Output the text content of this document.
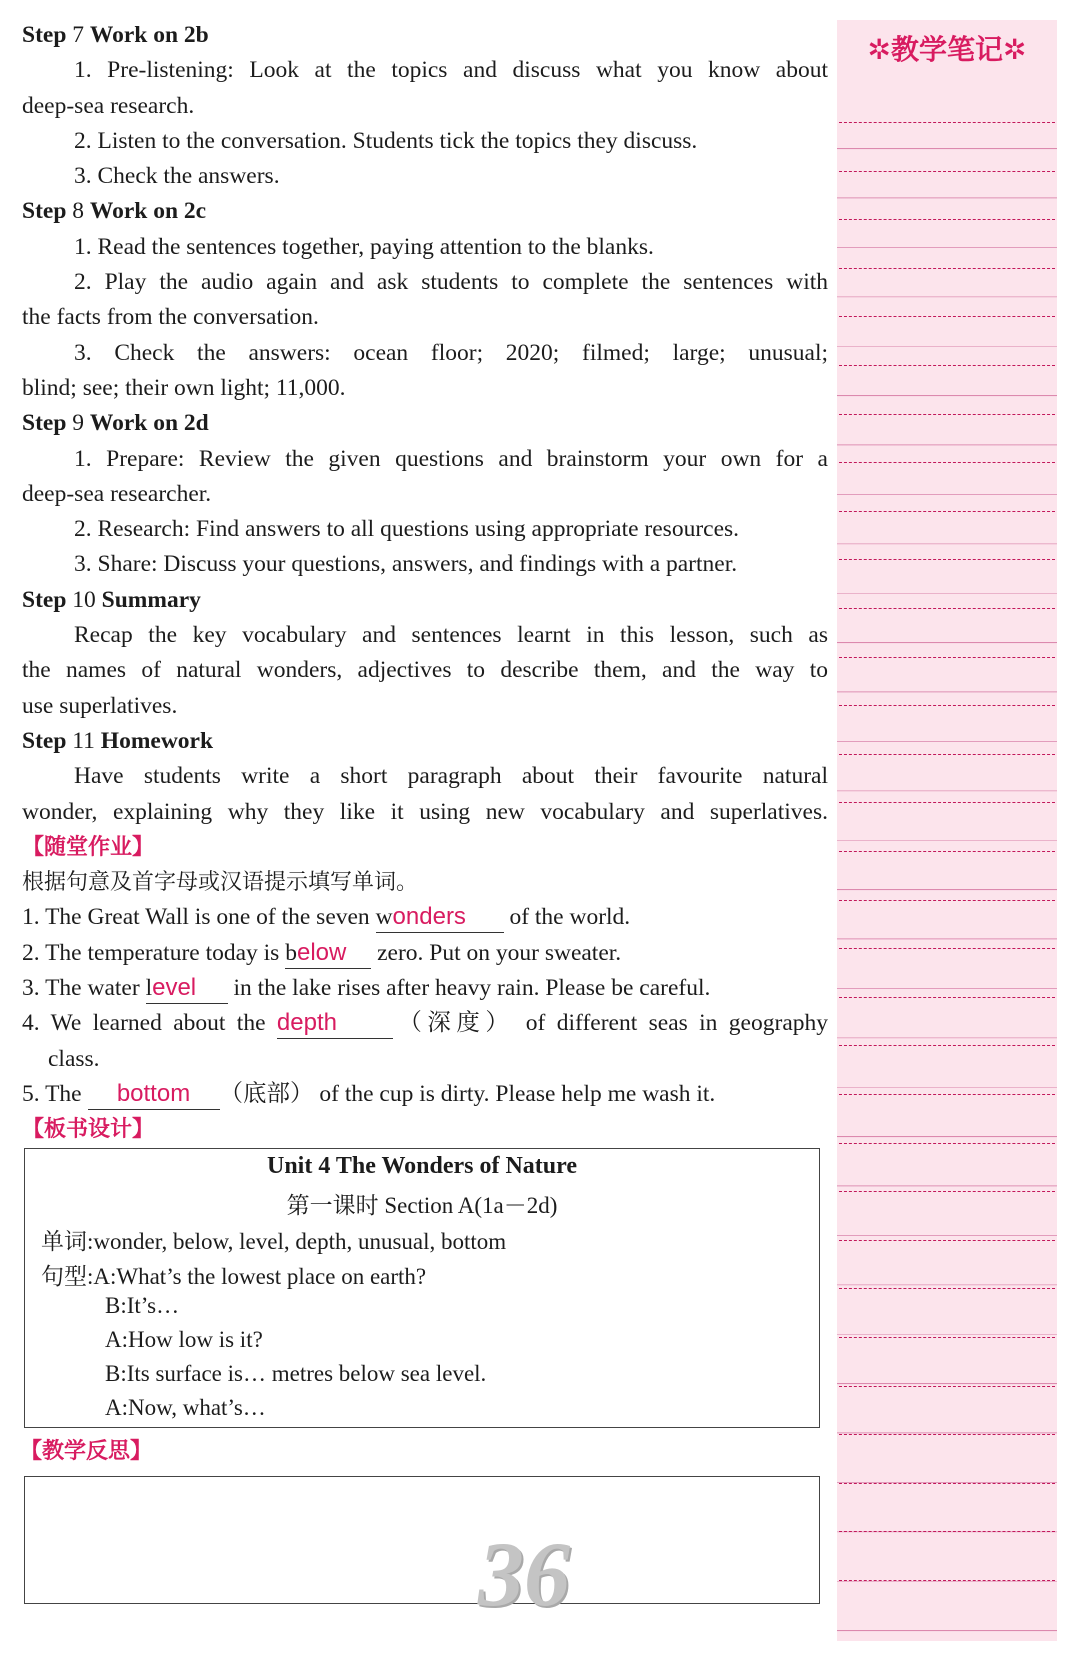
Step 7 Work on 2b
1. Pre-listening: Look at the topics and discuss what you know about
deep-sea research.
2. Listen to the conversation. Students tick the topics they discuss.
3. Check the answers.
Step 8 Work on 2c
1. Read the sentences together, paying attention to the blanks.
2. Play the audio again and ask students to complete the sentences with
the facts from the conversation.
3. Check the answers: ocean floor; 2020; filmed; large; unusual;
blind; see; their own light; 11,000.
Step 9 Work on 2d
1. Prepare: Review the given questions and brainstorm your own for a
deep-sea researcher.
2. Research: Find answers to all questions using appropriate resources.
3. Share: Discuss your questions, answers, and findings with a partner.
Step 10 Summary
Recap the key vocabulary and sentences learnt in this lesson, such as
the names of natural wonders, adjectives to describe them, and the way to
use superlatives.
Step 11 Homework
Have students write a short paragraph about their favourite natural
wonder, explaining why they like it using new vocabulary and superlatives.
【随堂作业】
根据句意及首字母或汉语提示填写单词。
1. The Great Wall is one of the seven wonders of the world.
2. The temperature today is below zero. Put on your sweater.
3. The water level in the lake rises after heavy rain. Please be careful.
4. We learned about the depth （深度） of different seas in geography
class.
5. The bottom （底部） of the cup is dirty. Please help me wash it.
【板书设计】
Unit 4 The Wonders of Nature
第一课时 Section A(1a－2d)
单词:wonder, below, level, depth, unusual, bottom
句型:A:What’s the lowest place on earth?
B:It’s…
A:How low is it?
B:Its surface is… metres below sea level.
A:Now, what’s…
【教学反思】
36
✲教学笔记✲
